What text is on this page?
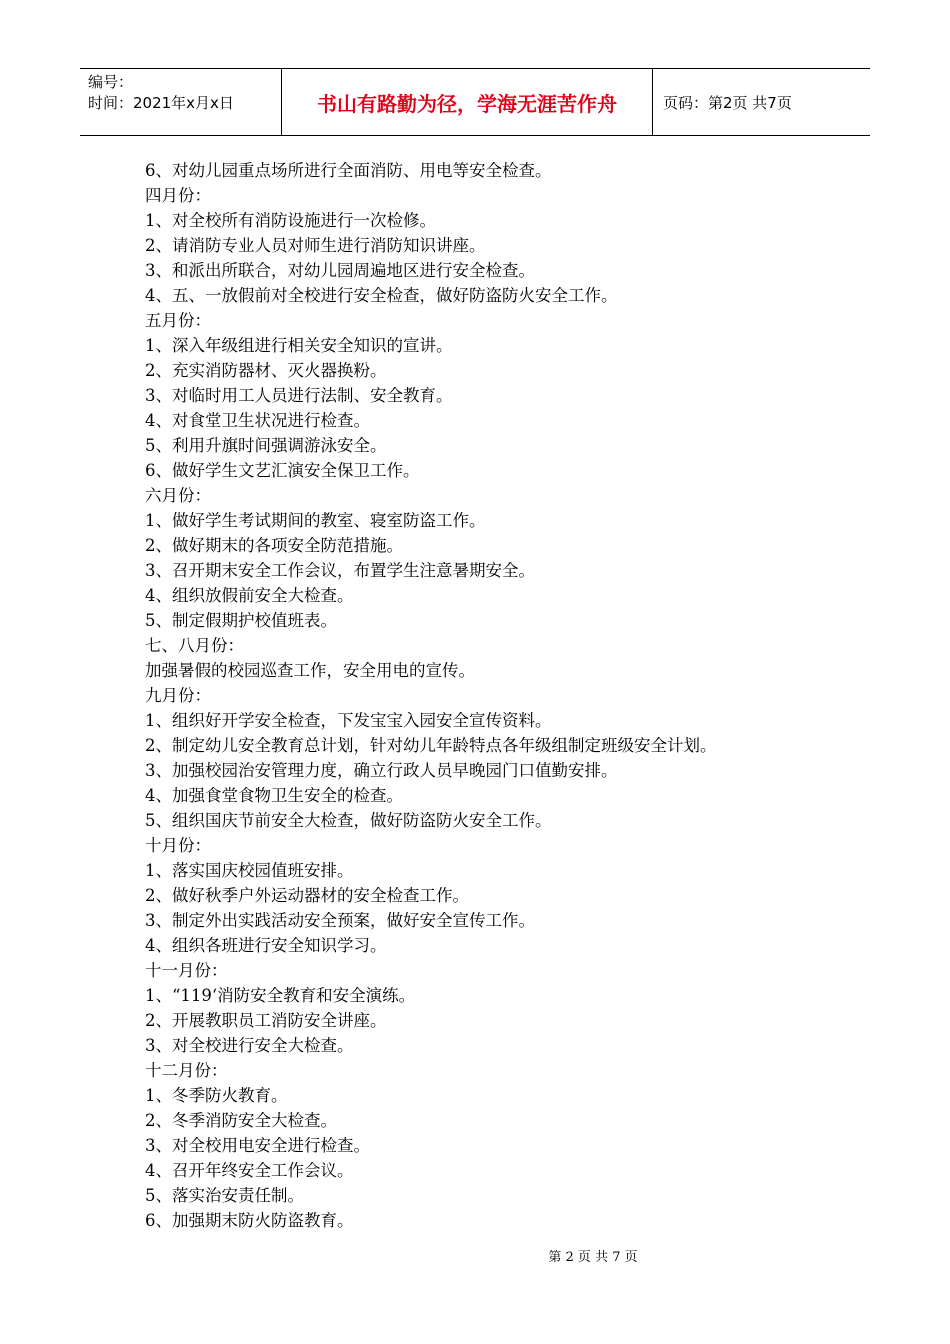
编号：
时间：2021年x月x日	书山有路勤为径，学海无涯苦作舟	页码：第2页 共7页
6、对幼儿园重点场所进行全面消防、用电等安全检查。
四月份：
1、对全校所有消防设施进行一次检修。
2、请消防专业人员对师生进行消防知识讲座。
3、和派出所联合，对幼儿园周遍地区进行安全检查。
4、五、一放假前对全校进行安全检查，做好防盗防火安全工作。
五月份：
1、深入年级组进行相关安全知识的宣讲。
2、充实消防器材、灭火器换粉。
3、对临时用工人员进行法制、安全教育。
4、对食堂卫生状况进行检查。
5、利用升旗时间强调游泳安全。
6、做好学生文艺汇演安全保卫工作。
六月份：
1、做好学生考试期间的教室、寝室防盗工作。
2、做好期末的各项安全防范措施。
3、召开期末安全工作会议，布置学生注意暑期安全。
4、组织放假前安全大检查。
5、制定假期护校值班表。
七、八月份：
加强暑假的校园巡查工作，安全用电的宣传。
九月份：
1、组织好开学安全检查，下发宝宝入园安全宣传资料。
2、制定幼儿安全教育总计划，针对幼儿年龄特点各年级组制定班级安全计划。
3、加强校园治安管理力度，确立行政人员早晚园门口值勤安排。
4、加强食堂食物卫生安全的检查。
5、组织国庆节前安全大检查，做好防盗防火安全工作。
十月份：
1、落实国庆校园值班安排。
2、做好秋季户外运动器材的安全检查工作。
3、制定外出实践活动安全预案，做好安全宣传工作。
4、组织各班进行安全知识学习。
十一月份：
1、“119‘消防安全教育和安全演练。
2、开展教职员工消防安全讲座。
3、对全校进行安全大检查。
十二月份：
1、冬季防火教育。
2、冬季消防安全大检查。
3、对全校用电安全进行检查。
4、召开年终安全工作会议。
5、落实治安责任制。
6、加强期末防火防盗教育。
第 2 页 共 7 页
